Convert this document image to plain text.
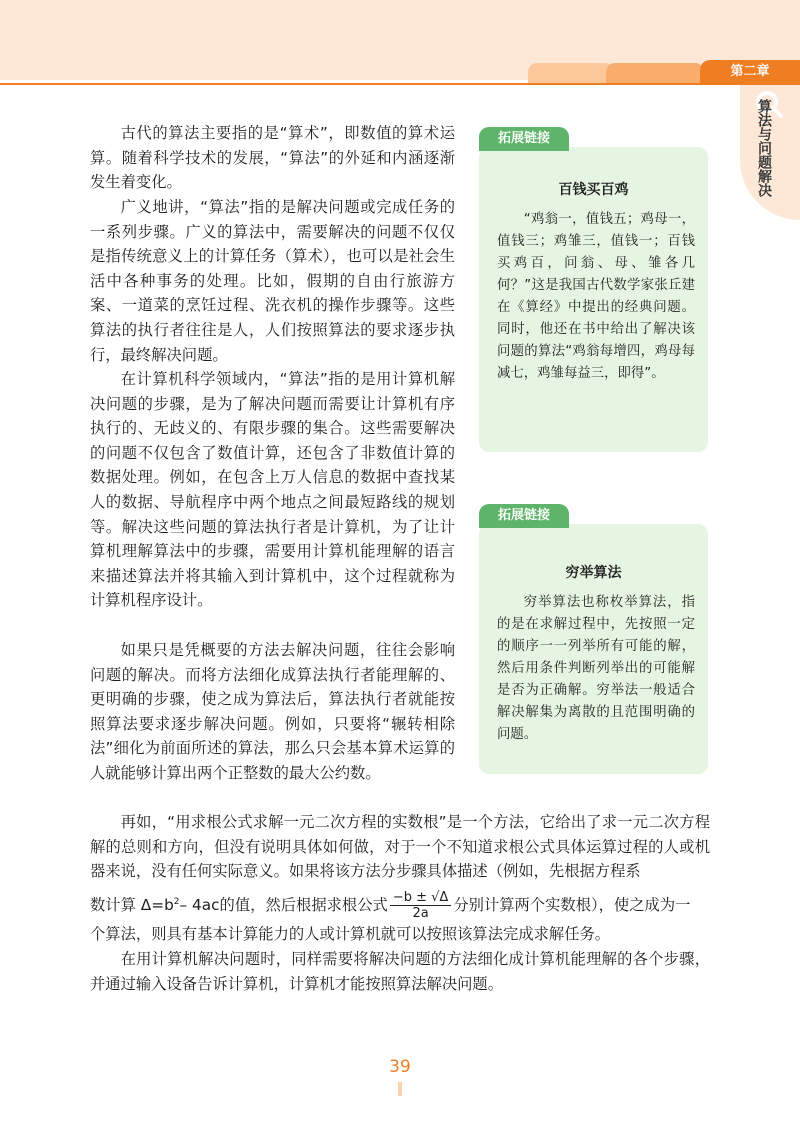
第二章
算法与问题解决

古代的算法主要指的是“算术”，即数值的算术运算。随着科学技术的发展，“算法”的外延和内涵逐渐发生着变化。

广义地讲，“算法”指的是解决问题或完成任务的一系列步骤。广义的算法中，需要解决的问题不仅仅是指传统意义上的计算任务（算术），也可以是社会生活中各种事务的处理。比如，假期的自由行旅游方案、一道菜的烹饪过程、洗衣机的操作步骤等。这些算法的执行者往往是人，人们按照算法的要求逐步执行，最终解决问题。

在计算机科学领域内，“算法”指的是用计算机解决问题的步骤，是为了解决问题而需要让计算机有序执行的、无歧义的、有限步骤的集合。这些需要解决的问题不仅包含了数值计算，还包含了非数值计算的数据处理。例如，在包含上万人信息的数据中查找某人的数据、导航程序中两个地点之间最短路线的规划等。解决这些问题的算法执行者是计算机，为了让计算机理解算法中的步骤，需要用计算机能理解的语言来描述算法并将其输入到计算机中，这个过程就称为计算机程序设计。

如果只是凭概要的方法去解决问题，往往会影响问题的解决。而将方法细化成算法执行者能理解的、更明确的步骤，使之成为算法后，算法执行者就能按照算法要求逐步解决问题。例如，只要将“辗转相除法”细化为前面所述的算法，那么只会基本算术运算的人就能够计算出两个正整数的最大公约数。

再如，“用求根公式求解一元二次方程的实数根”是一个方法，它给出了求一元二次方程解的总则和方向，但没有说明具体如何做，对于一个不知道求根公式具体运算过程的人或机器来说，没有任何实际意义。如果将该方法分步骤具体描述（例如，先根据方程系

数计算 $\Delta=b^2-$ 4ac的值，然后根据求根公式 $\frac{-b \pm √\Delta}{2a}$ 分别计算两个实数根），使之成为一

个算法，则具有基本计算能力的人或计算机就可以按照该算法完成求解任务。

在用计算机解决问题时，同样需要将解决问题的方法细化成计算机能理解的各个步骤，并通过输入设备告诉计算机，计算机才能按照算法解决问题。

拓展链接
百钱买百鸡

“鸡翁一，值钱五；鸡母一，值钱三；鸡雏三，值钱一；百钱买鸡百，问翁、母、雏各几何？”这是我国古代数学家张丘建在《算经》中提出的经典问题。同时，他还在书中给出了解决该问题的算法“鸡翁每增四，鸡母每减七，鸡雏每益三，即得”。

拓展链接
穷举算法

穷举算法也称枚举算法，指的是在求解过程中，先按照一定的顺序一一列举所有可能的解，然后用条件判断列举出的可能解是否为正确解。穷举法一般适合解决解集为离散的且范围明确的问题。

39
